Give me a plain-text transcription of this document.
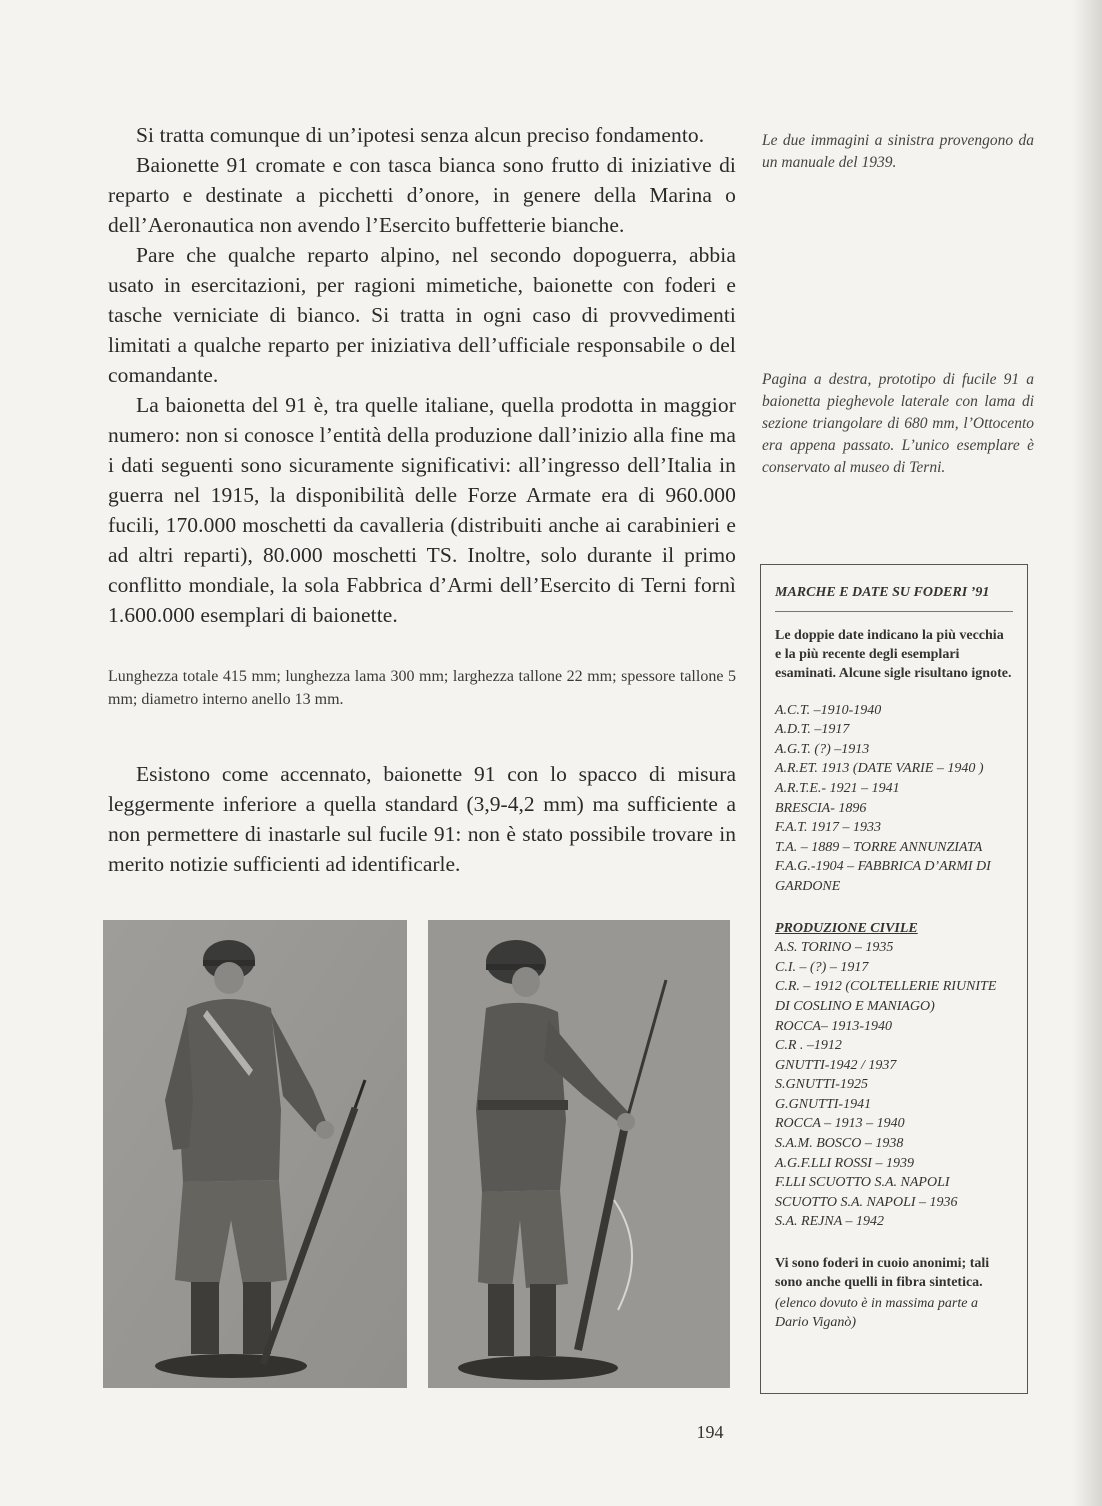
Si tratta comunque di un’ipotesi senza alcun preciso fondamento.

Baionette 91 cromate e con tasca bianca sono frutto di iniziative di reparto e destinate a picchetti d’onore, in genere della Marina o dell’Aeronautica non avendo l’Esercito buffetterie bianche.

Pare che qualche reparto alpino, nel secondo dopoguerra, abbia usato in esercitazioni, per ragioni mimetiche, baionette con foderi e tasche verniciate di bianco. Si tratta in ogni caso di provvedimenti limitati a qualche reparto per iniziativa dell’ufficiale responsabile o del comandante.

La baionetta del 91 è, tra quelle italiane, quella prodotta in maggior numero: non si conosce l’entità della produzione dall’inizio alla fine ma i dati seguenti sono sicuramente significativi: all’ingresso dell’Italia in guerra nel 1915, la disponibilità delle Forze Armate era di 960.000 fucili, 170.000 moschetti da cavalleria (distribuiti anche ai carabinieri e ad altri reparti), 80.000 moschetti TS. Inoltre, solo durante il primo conflitto mondiale, la sola Fabbrica d’Armi dell’Esercito di Terni fornì 1.600.000 esemplari di baionette.

Lunghezza totale 415 mm; lunghezza lama 300 mm; larghezza tallone 22 mm; spessore tallone 5 mm; diametro interno anello 13 mm.

Esistono come accennato, baionette 91 con lo spacco di misura leggermente inferiore a quella standard (3,9-4,2 mm) ma sufficiente a non permettere di inastarle sul fucile 91: non è stato possibile trovare in merito notizie sufficienti ad identificarle.

Le due immagini a sinistra provengono da un manuale del 1939.

Pagina a destra, prototipo di fucile 91 a baionetta pieghevole laterale con lama di sezione triangolare di 680 mm, l’Ottocento era appena passato. L’unico esemplare è conservato al museo di Terni.

MARCHE E DATE SU FODERI ’91

Le doppie date indicano la più vecchia e la più recente degli esemplari esaminati. Alcune sigle risultano ignote.

A.C.T. –1910-1940
A.D.T. –1917
A.G.T. (?) –1913
A.R.ET. 1913 (DATE VARIE – 1940 )
A.R.T.E.- 1921 – 1941
BRESCIA- 1896
F.A.T. 1917 – 1933
T.A. – 1889 – TORRE ANNUNZIATA
F.A.G.-1904 – FABBRICA D’ARMI DI GARDONE
PRODUZIONE CIVILE
A.S. TORINO – 1935
C.I. – (?) – 1917
C.R. – 1912 (COLTELLERIE RIUNITE DI COSLINO E MANIAGO)
ROCCA– 1913-1940
C.R . –1912
GNUTTI-1942 / 1937
S.GNUTTI-1925
G.GNUTTI-1941
ROCCA – 1913 – 1940
S.A.M. BOSCO – 1938
A.G.F.LLI ROSSI – 1939
F.LLI SCUOTTO S.A. NAPOLI
SCUOTTO S.A. NAPOLI – 1936
S.A. REJNA – 1942

Vi sono foderi in cuoio anonimi; tali sono anche quelli in fibra sintetica.

(elenco dovuto è in massima parte a Dario Viganò)

194
